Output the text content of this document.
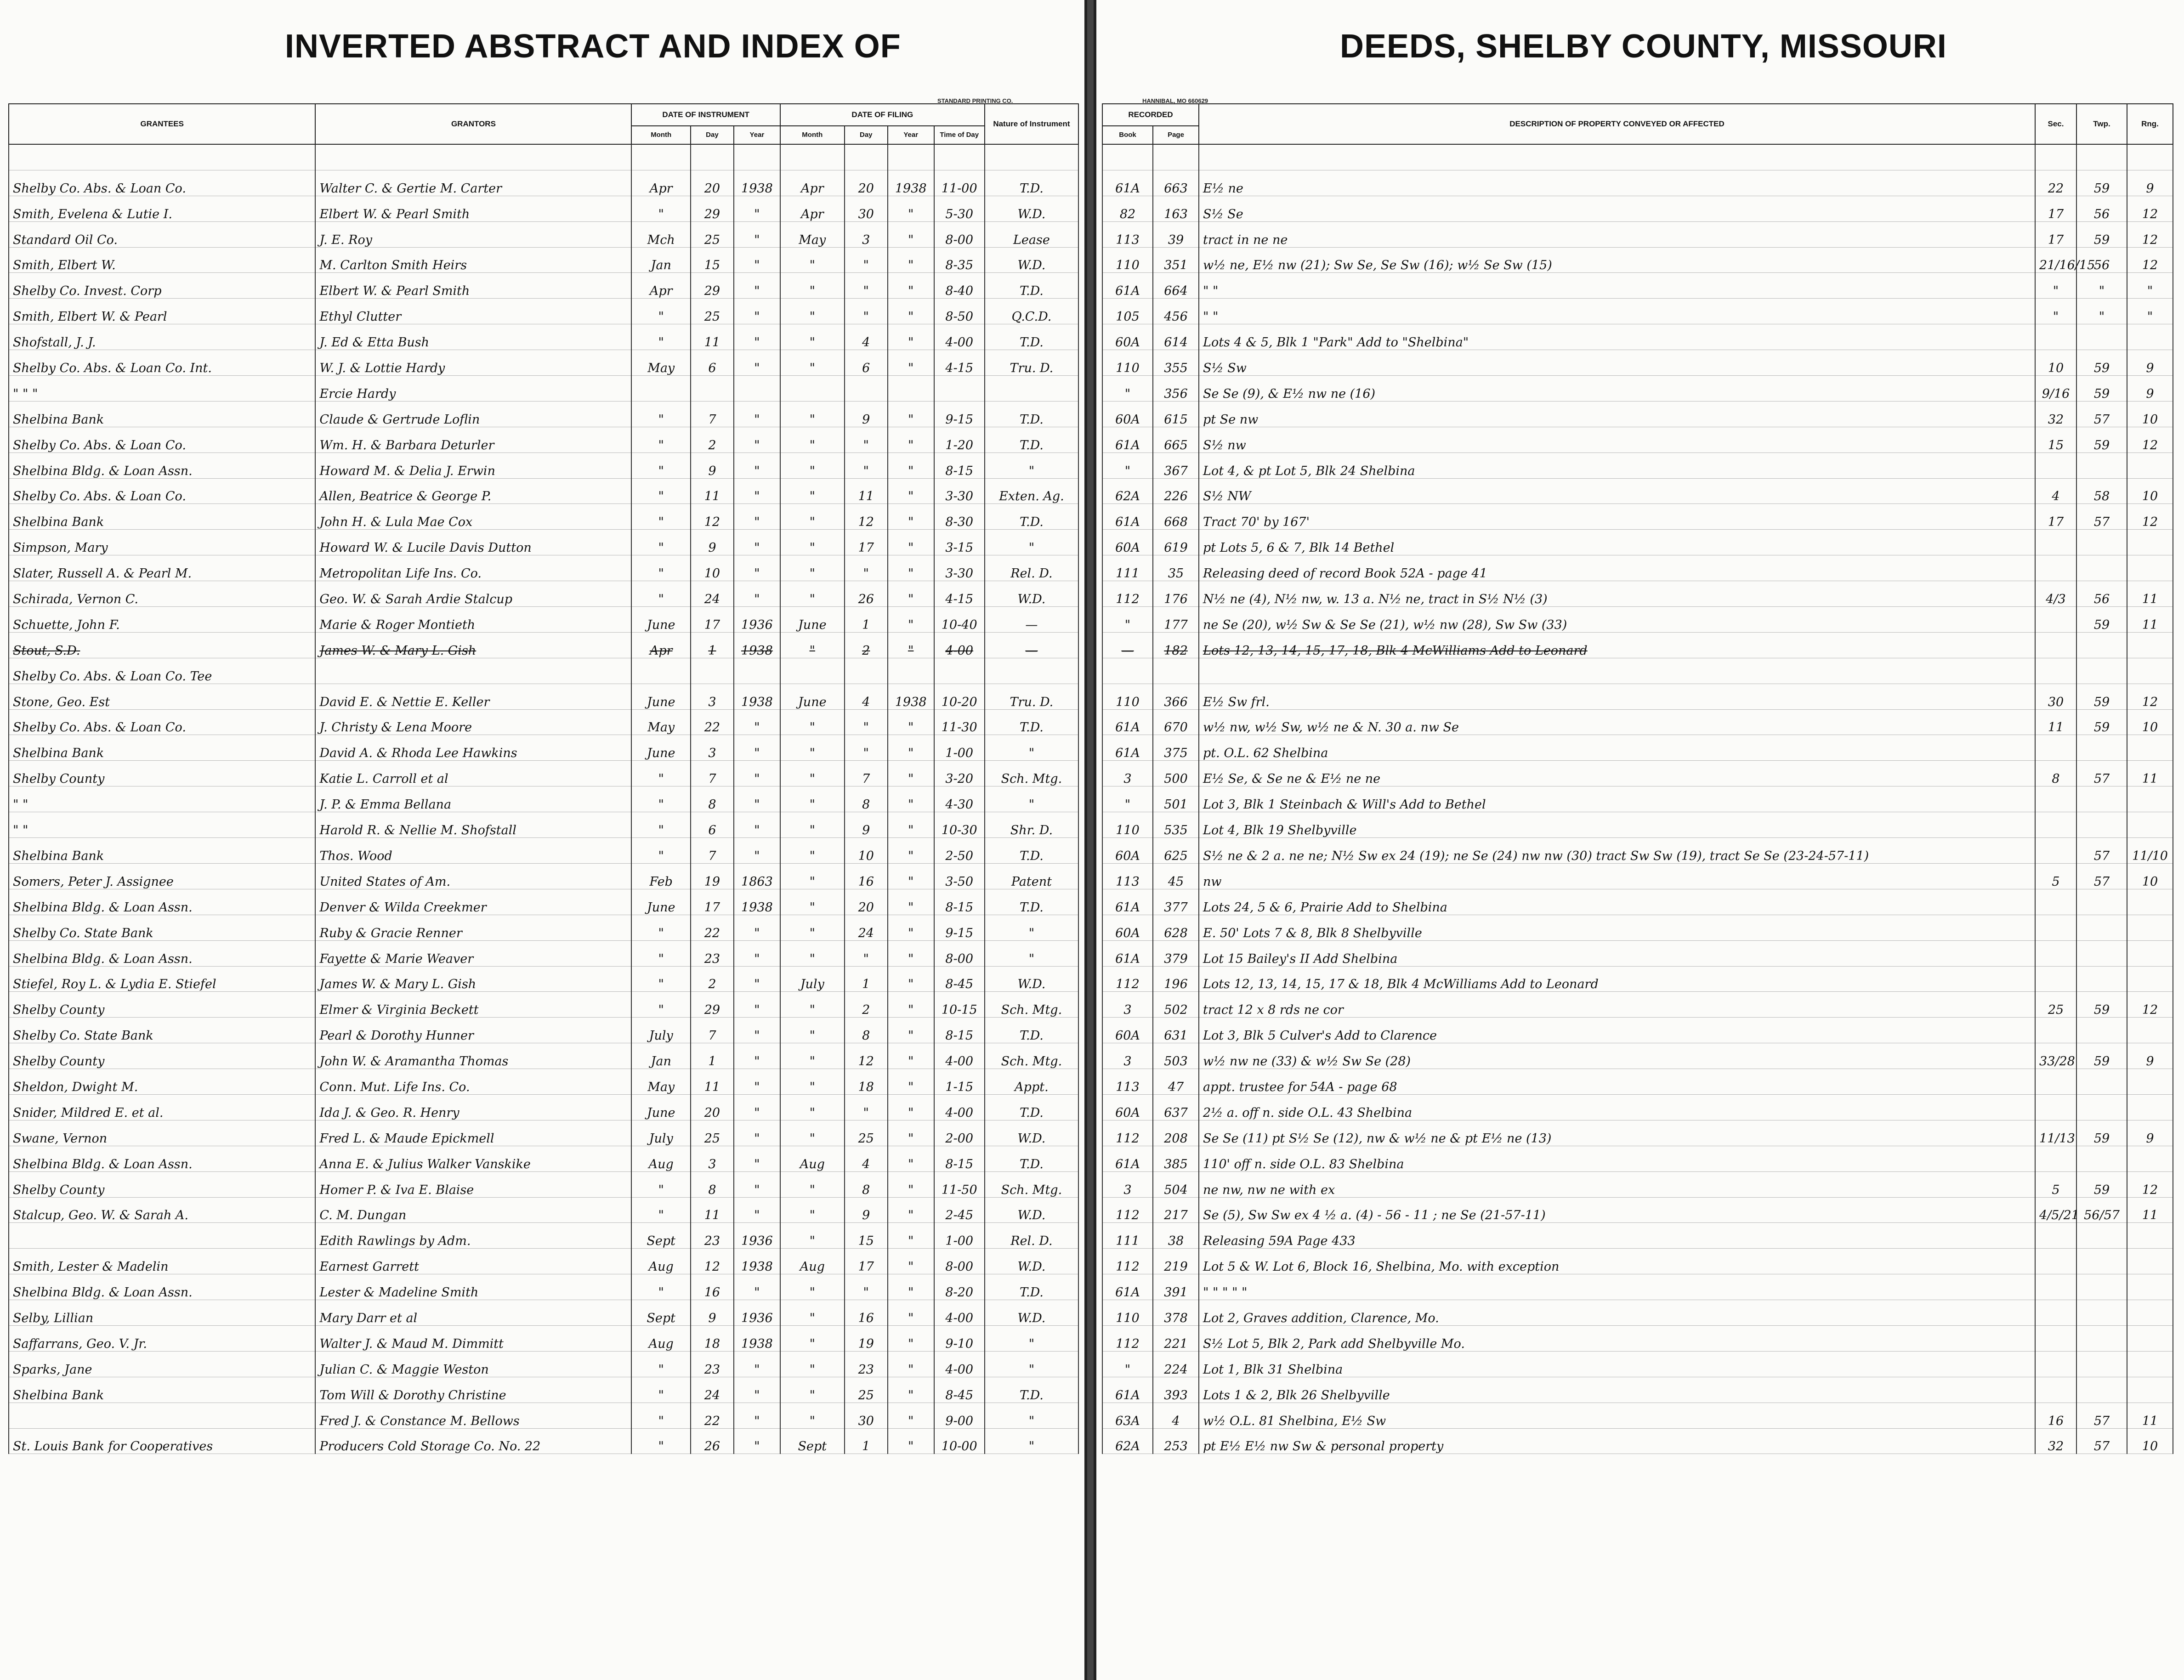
INVERTED ABSTRACT AND INDEX OF
STANDARD PRINTING CO.
GRANTEES	GRANTORS	DATE OF INSTRUMENT			DATE OF FILING				Nature of Instrument
		Month	Day	Year	Month	Day	Year	Time of Day	

Shelby Co. Abs. & Loan Co.	Walter C. & Gertie M. Carter	Apr	20	1938	Apr	20	1938	11-00	T.D.
Smith, Evelena & Lutie I.	Elbert W. & Pearl Smith	"	29	"	Apr	30	"	5-30	W.D.
Standard Oil Co.	J. E. Roy	Mch	25	"	May	3	"	8-00	Lease
Smith, Elbert W.	M. Carlton Smith Heirs	Jan	15	"	"	"	"	8-35	W.D.
Shelby Co. Invest. Corp	Elbert W. & Pearl Smith	Apr	29	"	"	"	"	8-40	T.D.
Smith, Elbert W. & Pearl	Ethyl Clutter	"	25	"	"	"	"	8-50	Q.C.D.
Shofstall, J. J.	J. Ed & Etta Bush	"	11	"	"	4	"	4-00	T.D.
Shelby Co. Abs. & Loan Co. Int.	W. J. & Lottie Hardy	May	6	"	"	6	"	4-15	Tru. D.
" " "	Ercie Hardy								
Shelbina Bank	Claude & Gertrude Loflin	"	7	"	"	9	"	9-15	T.D.
Shelby Co. Abs. & Loan Co.	Wm. H. & Barbara Deturler	"	2	"	"	"	"	1-20	T.D.
Shelbina Bldg. & Loan Assn.	Howard M. & Delia J. Erwin	"	9	"	"	"	"	8-15	"
Shelby Co. Abs. & Loan Co.	Allen, Beatrice & George P.	"	11	"	"	11	"	3-30	Exten. Ag.
Shelbina Bank	John H. & Lula Mae Cox	"	12	"	"	12	"	8-30	T.D.
Simpson, Mary	Howard W. & Lucile Davis Dutton	"	9	"	"	17	"	3-15	"
Slater, Russell A. & Pearl M.	Metropolitan Life Ins. Co.	"	10	"	"	"	"	3-30	Rel. D.
Schirada, Vernon C.	Geo. W. & Sarah Ardie Stalcup	"	24	"	"	26	"	4-15	W.D.
Schuette, John F.	Marie & Roger Montieth	June	17	1936	June	1	"	10-40	—
Stout, S.D.	James W. & Mary L. Gish	Apr	1	1938	"	2	"	4-00	—
Shelby Co. Abs. & Loan Co. Tee									
Stone, Geo. Est	David E. & Nettie E. Keller	June	3	1938	June	4	1938	10-20	Tru. D.
Shelby Co. Abs. & Loan Co.	J. Christy & Lena Moore	May	22	"	"	"	"	11-30	T.D.
Shelbina Bank	David A. & Rhoda Lee Hawkins	June	3	"	"	"	"	1-00	"
Shelby County	Katie L. Carroll et al	"	7	"	"	7	"	3-20	Sch. Mtg.
" "	J. P. & Emma Bellana	"	8	"	"	8	"	4-30	"
" "	Harold R. & Nellie M. Shofstall	"	6	"	"	9	"	10-30	Shr. D.
Shelbina Bank	Thos. Wood	"	7	"	"	10	"	2-50	T.D.
Somers, Peter J. Assignee	United States of Am.	Feb	19	1863	"	16	"	3-50	Patent
Shelbina Bldg. & Loan Assn.	Denver & Wilda Creekmer	June	17	1938	"	20	"	8-15	T.D.
Shelby Co. State Bank	Ruby & Gracie Renner	"	22	"	"	24	"	9-15	"
Shelbina Bldg. & Loan Assn.	Fayette & Marie Weaver	"	23	"	"	"	"	8-00	"
Stiefel, Roy L. & Lydia E. Stiefel	James W. & Mary L. Gish	"	2	"	July	1	"	8-45	W.D.
Shelby County	Elmer & Virginia Beckett	"	29	"	"	2	"	10-15	Sch. Mtg.
Shelby Co. State Bank	Pearl & Dorothy Hunner	July	7	"	"	8	"	8-15	T.D.
Shelby County	John W. & Aramantha Thomas	Jan	1	"	"	12	"	4-00	Sch. Mtg.
Sheldon, Dwight M.	Conn. Mut. Life Ins. Co.	May	11	"	"	18	"	1-15	Appt.
Snider, Mildred E. et al.	Ida J. & Geo. R. Henry	June	20	"	"	"	"	4-00	T.D.
Swane, Vernon	Fred L. & Maude Epickmell	July	25	"	"	25	"	2-00	W.D.
Shelbina Bldg. & Loan Assn.	Anna E. & Julius Walker Vanskike	Aug	3	"	Aug	4	"	8-15	T.D.
Shelby County	Homer P. & Iva E. Blaise	"	8	"	"	8	"	11-50	Sch. Mtg.
Stalcup, Geo. W. & Sarah A.	C. M. Dungan	"	11	"	"	9	"	2-45	W.D.
	Edith Rawlings by Adm.	Sept	23	1936	"	15	"	1-00	Rel. D.
Smith, Lester & Madelin	Earnest Garrett	Aug	12	1938	Aug	17	"	8-00	W.D.
Shelbina Bldg. & Loan Assn.	Lester & Madeline Smith	"	16	"	"	"	"	8-20	T.D.
Selby, Lillian	Mary Darr et al	Sept	9	1936	"	16	"	4-00	W.D.
Saffarrans, Geo. V. Jr.	Walter J. & Maud M. Dimmitt	Aug	18	1938	"	19	"	9-10	"
Sparks, Jane	Julian C. & Maggie Weston	"	23	"	"	23	"	4-00	"
Shelbina Bank	Tom Will & Dorothy Christine	"	24	"	"	25	"	8-45	T.D.
	Fred J. & Constance M. Bellows	"	22	"	"	30	"	9-00	"
St. Louis Bank for Cooperatives	Producers Cold Storage Co. No. 22	"	26	"	Sept	1	"	10-00	"
DEEDS, SHELBY COUNTY, MISSOURI
HANNIBAL, MO 660629
RECORDED		DESCRIPTION OF PROPERTY CONVEYED OR AFFECTED	Sec.	Twp.	Rng.
Book	Page				

61A	663	E½ ne	22	59	9
82	163	S½ Se	17	56	12
113	39	tract in ne ne	17	59	12
110	351	w½ ne, E½ nw (21); Sw Se, Se Sw (16); w½ Se Sw (15)	21/16/15	56	12
61A	664	" "	"	"	"
105	456	" "	"	"	"
60A	614	Lots 4 & 5, Blk 1 "Park" Add to "Shelbina"			
110	355	S½ Sw	10	59	9
"	356	Se Se (9), & E½ nw ne (16)	9/16	59	9
60A	615	pt Se nw	32	57	10
61A	665	S½ nw	15	59	12
"	367	Lot 4, & pt Lot 5, Blk 24 Shelbina			
62A	226	S½ NW	4	58	10
61A	668	Tract 70' by 167'	17	57	12
60A	619	pt Lots 5, 6 & 7, Blk 14 Bethel			
111	35	Releasing deed of record Book 52A - page 41			
112	176	N½ ne (4), N½ nw, w. 13 a. N½ ne, tract in S½ N½ (3)	4/3	56	11
"	177	ne Se (20), w½ Sw & Se Se (21), w½ nw (28), Sw Sw (33)		59	11
—	182	Lots 12, 13, 14, 15, 17, 18, Blk 4 McWilliams Add to Leonard			

110	366	E½ Sw frl.	30	59	12
61A	670	w½ nw, w½ Sw, w½ ne & N. 30 a. nw Se	11	59	10
61A	375	pt. O.L. 62 Shelbina			
3	500	E½ Se, & Se ne & E½ ne ne	8	57	11
"	501	Lot 3, Blk 1 Steinbach & Will's Add to Bethel			
110	535	Lot 4, Blk 19 Shelbyville			
60A	625	S½ ne & 2 a. ne ne; N½ Sw ex 24 (19); ne Se (24) nw nw (30) tract Sw Sw (19), tract Se Se (23-24-57-11)		57	11/10
113	45	nw	5	57	10
61A	377	Lots 24, 5 & 6, Prairie Add to Shelbina			
60A	628	E. 50' Lots 7 & 8, Blk 8 Shelbyville			
61A	379	Lot 15 Bailey's II Add Shelbina			
112	196	Lots 12, 13, 14, 15, 17 & 18, Blk 4 McWilliams Add to Leonard			
3	502	tract 12 x 8 rds ne cor	25	59	12
60A	631	Lot 3, Blk 5 Culver's Add to Clarence			
3	503	w½ nw ne (33) & w½ Sw Se (28)	33/28	59	9
113	47	appt. trustee for 54A - page 68			
60A	637	2½ a. off n. side O.L. 43 Shelbina			
112	208	Se Se (11) pt S½ Se (12), nw & w½ ne & pt E½ ne (13)	11/13	59	9
61A	385	110' off n. side O.L. 83 Shelbina			
3	504	ne nw, nw ne with ex	5	59	12
112	217	Se (5), Sw Sw ex 4 ½ a. (4) - 56 - 11 ; ne Se (21-57-11)	4/5/21	56/57	11
111	38	Releasing 59A Page 433			
112	219	Lot 5 & W. Lot 6, Block 16, Shelbina, Mo. with exception			
61A	391	" " " " "			
110	378	Lot 2, Graves addition, Clarence, Mo.			
112	221	S½ Lot 5, Blk 2, Park add Shelbyville Mo.			
"	224	Lot 1, Blk 31 Shelbina			
61A	393	Lots 1 & 2, Blk 26 Shelbyville			
63A	4	w½ O.L. 81 Shelbina, E½ Sw	16	57	11
62A	253	pt E½ E½ nw Sw & personal property	32	57	10
